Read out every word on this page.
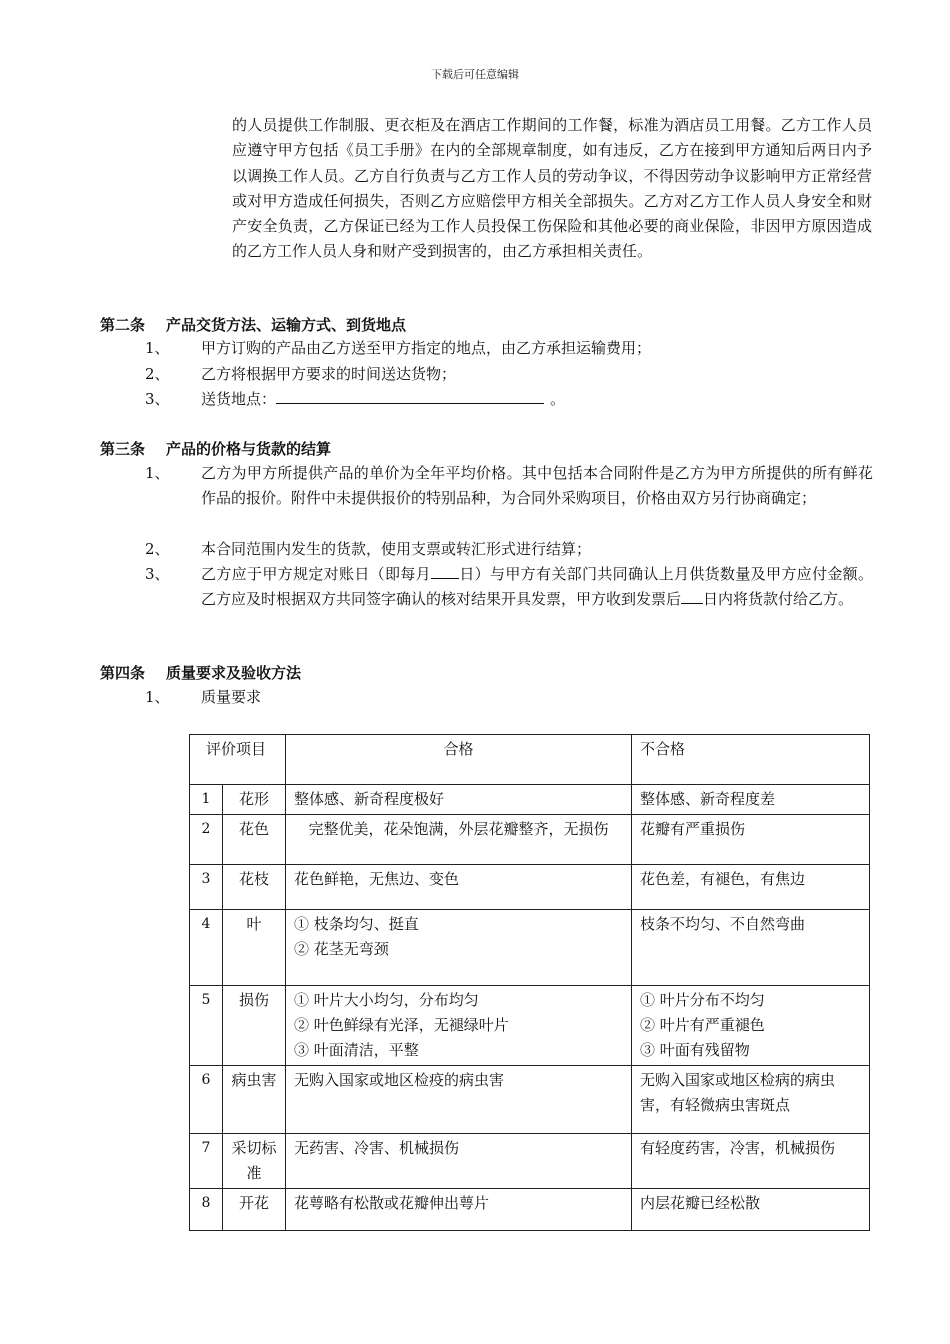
下载后可任意编辑
的人员提供工作制服、更衣柜及在酒店工作期间的工作餐，标准为酒店员工用餐。乙方工作人员应遵守甲方包括《员工手册》在内的全部规章制度，如有违反，乙方在接到甲方通知后两日内予以调换工作人员。乙方自行负责与乙方工作人员的劳动争议，不得因劳动争议影响甲方正常经营或对甲方造成任何损失，否则乙方应赔偿甲方相关全部损失。乙方对乙方工作人员人身安全和财产安全负责，乙方保证已经为工作人员投保工伤保险和其他必要的商业保险，非因甲方原因造成的乙方工作人员人身和财产受到损害的，由乙方承担相关责任。
第二条 产品交货方法、运输方式、到货地点
1、	甲方订购的产品由乙方送至甲方指定的地点，由乙方承担运输费用；
2、	乙方将根据甲方要求的时间送达货物；
3、	送货地点：	。
第三条 产品的价格与货款的结算
1、	乙方为甲方所提供产品的单价为全年平均价格。其中包括本合同附件是乙方为甲方所提供的所有鲜花作品的报价。附件中未提供报价的特别品种，为合同外采购项目，价格由双方另行协商确定；
2、	本合同范围内发生的货款，使用支票或转汇形式进行结算；
3、	乙方应于甲方规定对账日（即每月 日）与甲方有关部门共同确认上月供货数量及甲方应付金额。乙方应及时根据双方共同签字确认的核对结果开具发票，甲方收到发票后 日内将货款付给乙方。
第四条 质量要求及验收方法
1、	质量要求
评价项目		合格	不合格
1	花形	整体感、新奇程度极好	整体感、新奇程度差

2	花色	完整优美，花朵饱满，外层花瓣整齐，无损伤	花瓣有严重损伤

3	花枝	花色鲜艳，无焦边、变色	花色差，有褪色，有焦边

4	叶	① 枝条均匀、挺直
② 花茎无弯颈	枝条不均匀、不自然弯曲

5	损伤	① 叶片大小均匀，分布均匀
② 叶色鲜绿有光泽，无褪绿叶片
③ 叶面清洁，平整	① 叶片分布不均匀
② 叶片有严重褪色
③ 叶面有残留物

6	病虫害	无购入国家或地区检疫的病虫害	无购入国家或地区检病的病虫害，有轻微病虫害斑点

7	采切标准	无药害、冷害、机械损伤	有轻度药害，冷害，机械损伤

8	开花	花萼略有松散或花瓣伸出萼片	内层花瓣已经松散
